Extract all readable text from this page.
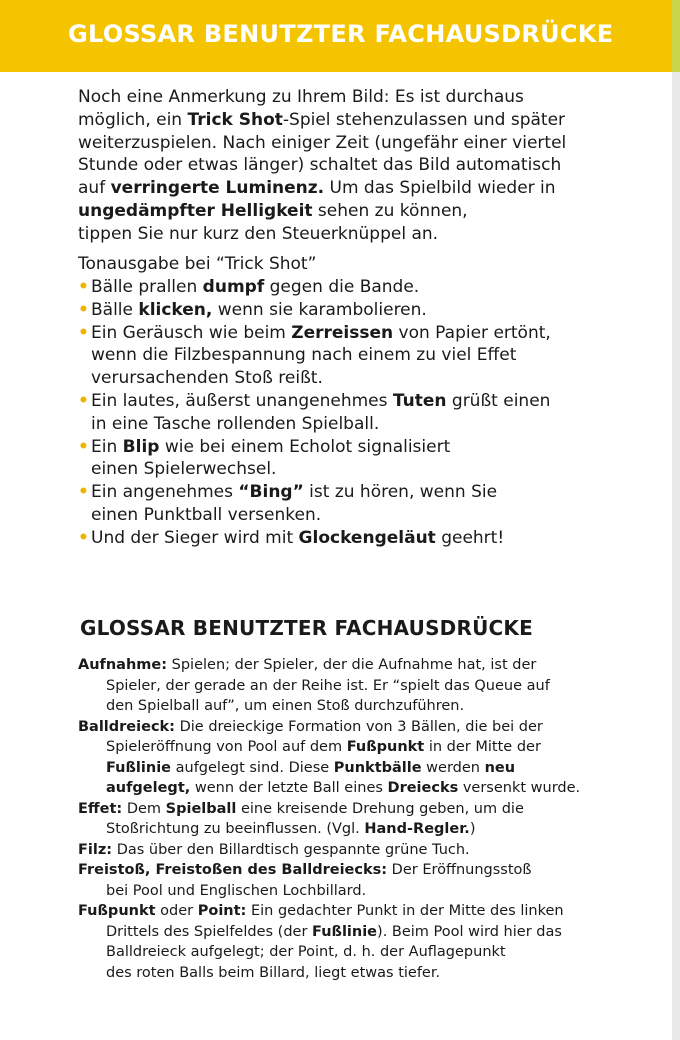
GLOSSAR BENUTZTER FACHAUSDRÜCKE

Noch eine Anmerkung zu Ihrem Bild: Es ist durchaus
möglich, ein Trick Shot-Spiel stehenzulassen und später
weiterzuspielen. Nach einiger Zeit (ungefähr einer viertel
Stunde oder etwas länger) schaltet das Bild automatisch
auf verringerte Luminenz. Um das Spielbild wieder in
ungedämpfter Helligkeit sehen zu können,
tippen Sie nur kurz den Steuerknüppel an.

Tonausgabe bei “Trick Shot”

• Bälle prallen dumpf gegen die Bande.
• Bälle klicken, wenn sie karambolieren.
• Ein Geräusch wie beim Zerreissen von Papier ertönt,
wenn die Filzbespannung nach einem zu viel Effet
verursachenden Stoß reißt.
• Ein lautes, äußerst unangenehmes Tuten grüßt einen
in eine Tasche rollenden Spielball.
• Ein Blip wie bei einem Echolot signalisiert
einen Spielerwechsel.
• Ein angenehmes “Bing” ist zu hören, wenn Sie
einen Punktball versenken.
• Und der Sieger wird mit Glockengeläut geehrt!
GLOSSAR BENUTZTER FACHAUSDRÜCKE

Aufnahme: Spielen; der Spieler, der die Aufnahme hat, ist der
Spieler, der gerade an der Reihe ist. Er “spielt das Queue auf
den Spielball auf”, um einen Stoß durchzuführen.

Balldreieck: Die dreieckige Formation von 3 Bällen, die bei der
Spieleröffnung von Pool auf dem Fußpunkt in der Mitte der
Fußlinie aufgelegt sind. Diese Punktbälle werden neu
aufgelegt, wenn der letzte Ball eines Dreiecks versenkt wurde.

Effet: Dem Spielball eine kreisende Drehung geben, um die
Stoßrichtung zu beeinflussen. (Vgl. Hand-Regler.)

Filz: Das über den Billardtisch gespannte grüne Tuch.

Freistoß, Freistoßen des Balldreiecks: Der Eröffnungsstoß
bei Pool und Englischen Lochbillard.

Fußpunkt oder Point: Ein gedachter Punkt in der Mitte des linken
Drittels des Spielfeldes (der Fußlinie). Beim Pool wird hier das
Balldreieck aufgelegt; der Point, d. h. der Auflagepunkt
des roten Balls beim Billard, liegt etwas tiefer.
